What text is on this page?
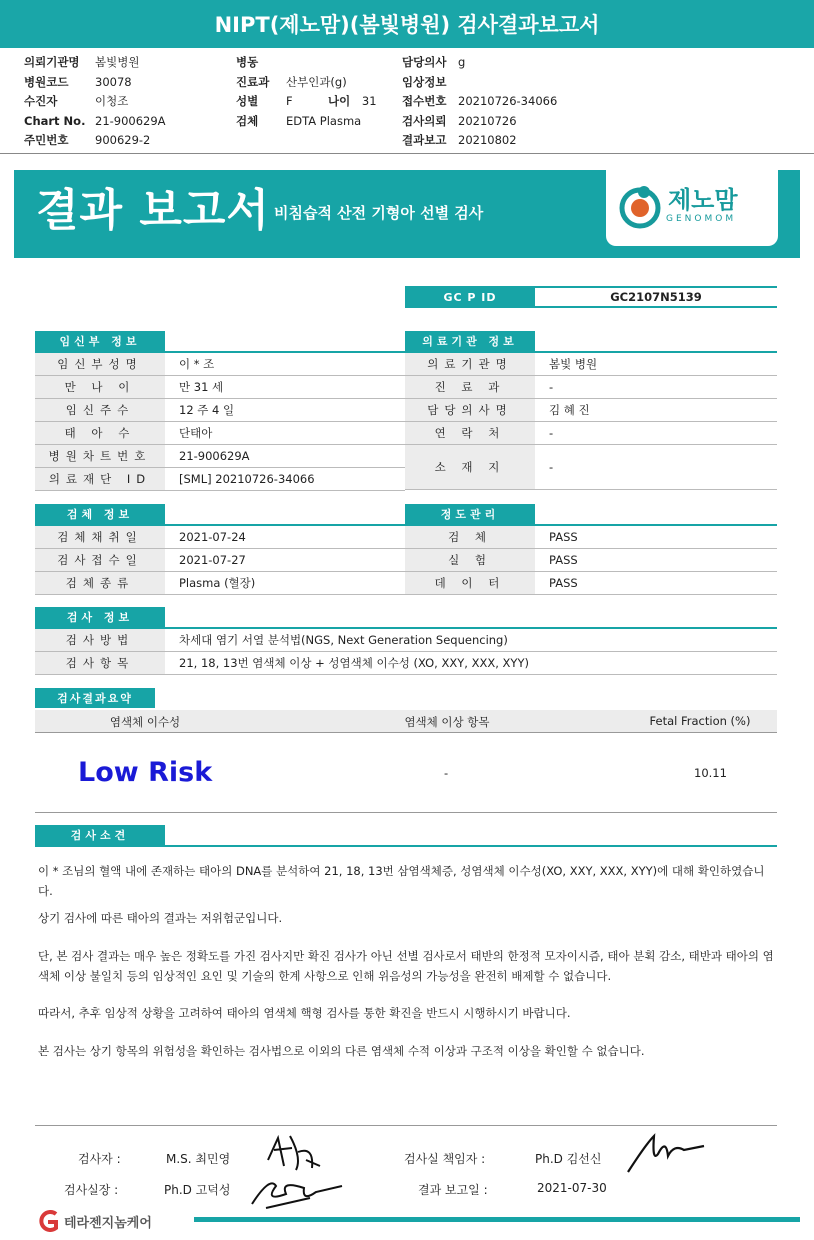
NIPT(제노맘)(봄빛병원) 검사결과보고서
의뢰기관명 봄빛병원
병원코드 30078
수진자	이청조
Chart No. 21-900629A
주민번호 900629-2
병동
진료과 산부인과(g)
성별 F
검체 EDTA Plasma
나이 31
담당의사 g
임상정보
접수번호 20210726-34066
검사의뢰 20210726
결과보고 20210802
결과 보고서 비침습적 산전 기형아 선별 검사	제노맘
GENOMOM
GC P ID	GC2107N5139
임신부 정보
임신부성명	이 * 조
만 나 이	만 31 세
임신주수	12 주 4 일
태 아 수	단태아
병원차트번호	21-900629A
의료재단 ID	[SML] 20210726-34066
의료기관 정보
의료기관명	봄빛 병원
진 료 과	-
담당의사명	김 혜 진
연 락 처	-
소 재 지	-
검체 정보
검체채취일	2021-07-24
검사접수일	2021-07-27
검체종류	Plasma (혈장)
정도관리
검 체	PASS
실 험	PASS
데 이 터	PASS
검사 정보
검사방법	차세대 염기 서열 분석법(NGS, Next Generation Sequencing)
검사항목	21, 18, 13번 염색체 이상 + 성염색체 이수성 (XO, XXY, XXX, XYY)
검사결과요약
염색체 이수성	염색체 이상 항목	Fetal Fraction (%)
Low Risk	-	10.11
검사소견
이 * 조님의 혈액 내에 존재하는 태아의 DNA를 분석하여 21, 18, 13번 삼염색체증, 성염색체 이수성(XO, XXY, XXX, XYY)에 대해 확인하였습니다.
상기 검사에 따른 태아의 결과는 저위험군입니다.
단, 본 검사 결과는 매우 높은 정확도를 가진 검사지만 확진 검사가 아닌 선별 검사로서 태반의 한정적 모자이시즘, 태아 분획 감소, 태반과 태아의 염색체 이상 불일치 등의 임상적인 요인 및 기술의 한계 사항으로 인해 위음성의 가능성을 완전히 배제할 수 없습니다.
따라서, 추후 임상적 상황을 고려하여 태아의 염색체 핵형 검사를 통한 확진을 반드시 시행하시기 바랍니다.
본 검사는 상기 항목의 위험성을 확인하는 검사법으로 이외의 다른 염색체 수적 이상과 구조적 이상을 확인할 수 없습니다.
검사자 :	M.S. 최민영
검사실장 :	Ph.D 고덕성
검사실 책임자 :	Ph.D 김선신
결과 보고일 :	2021-07-30
테라젠지놈케어
